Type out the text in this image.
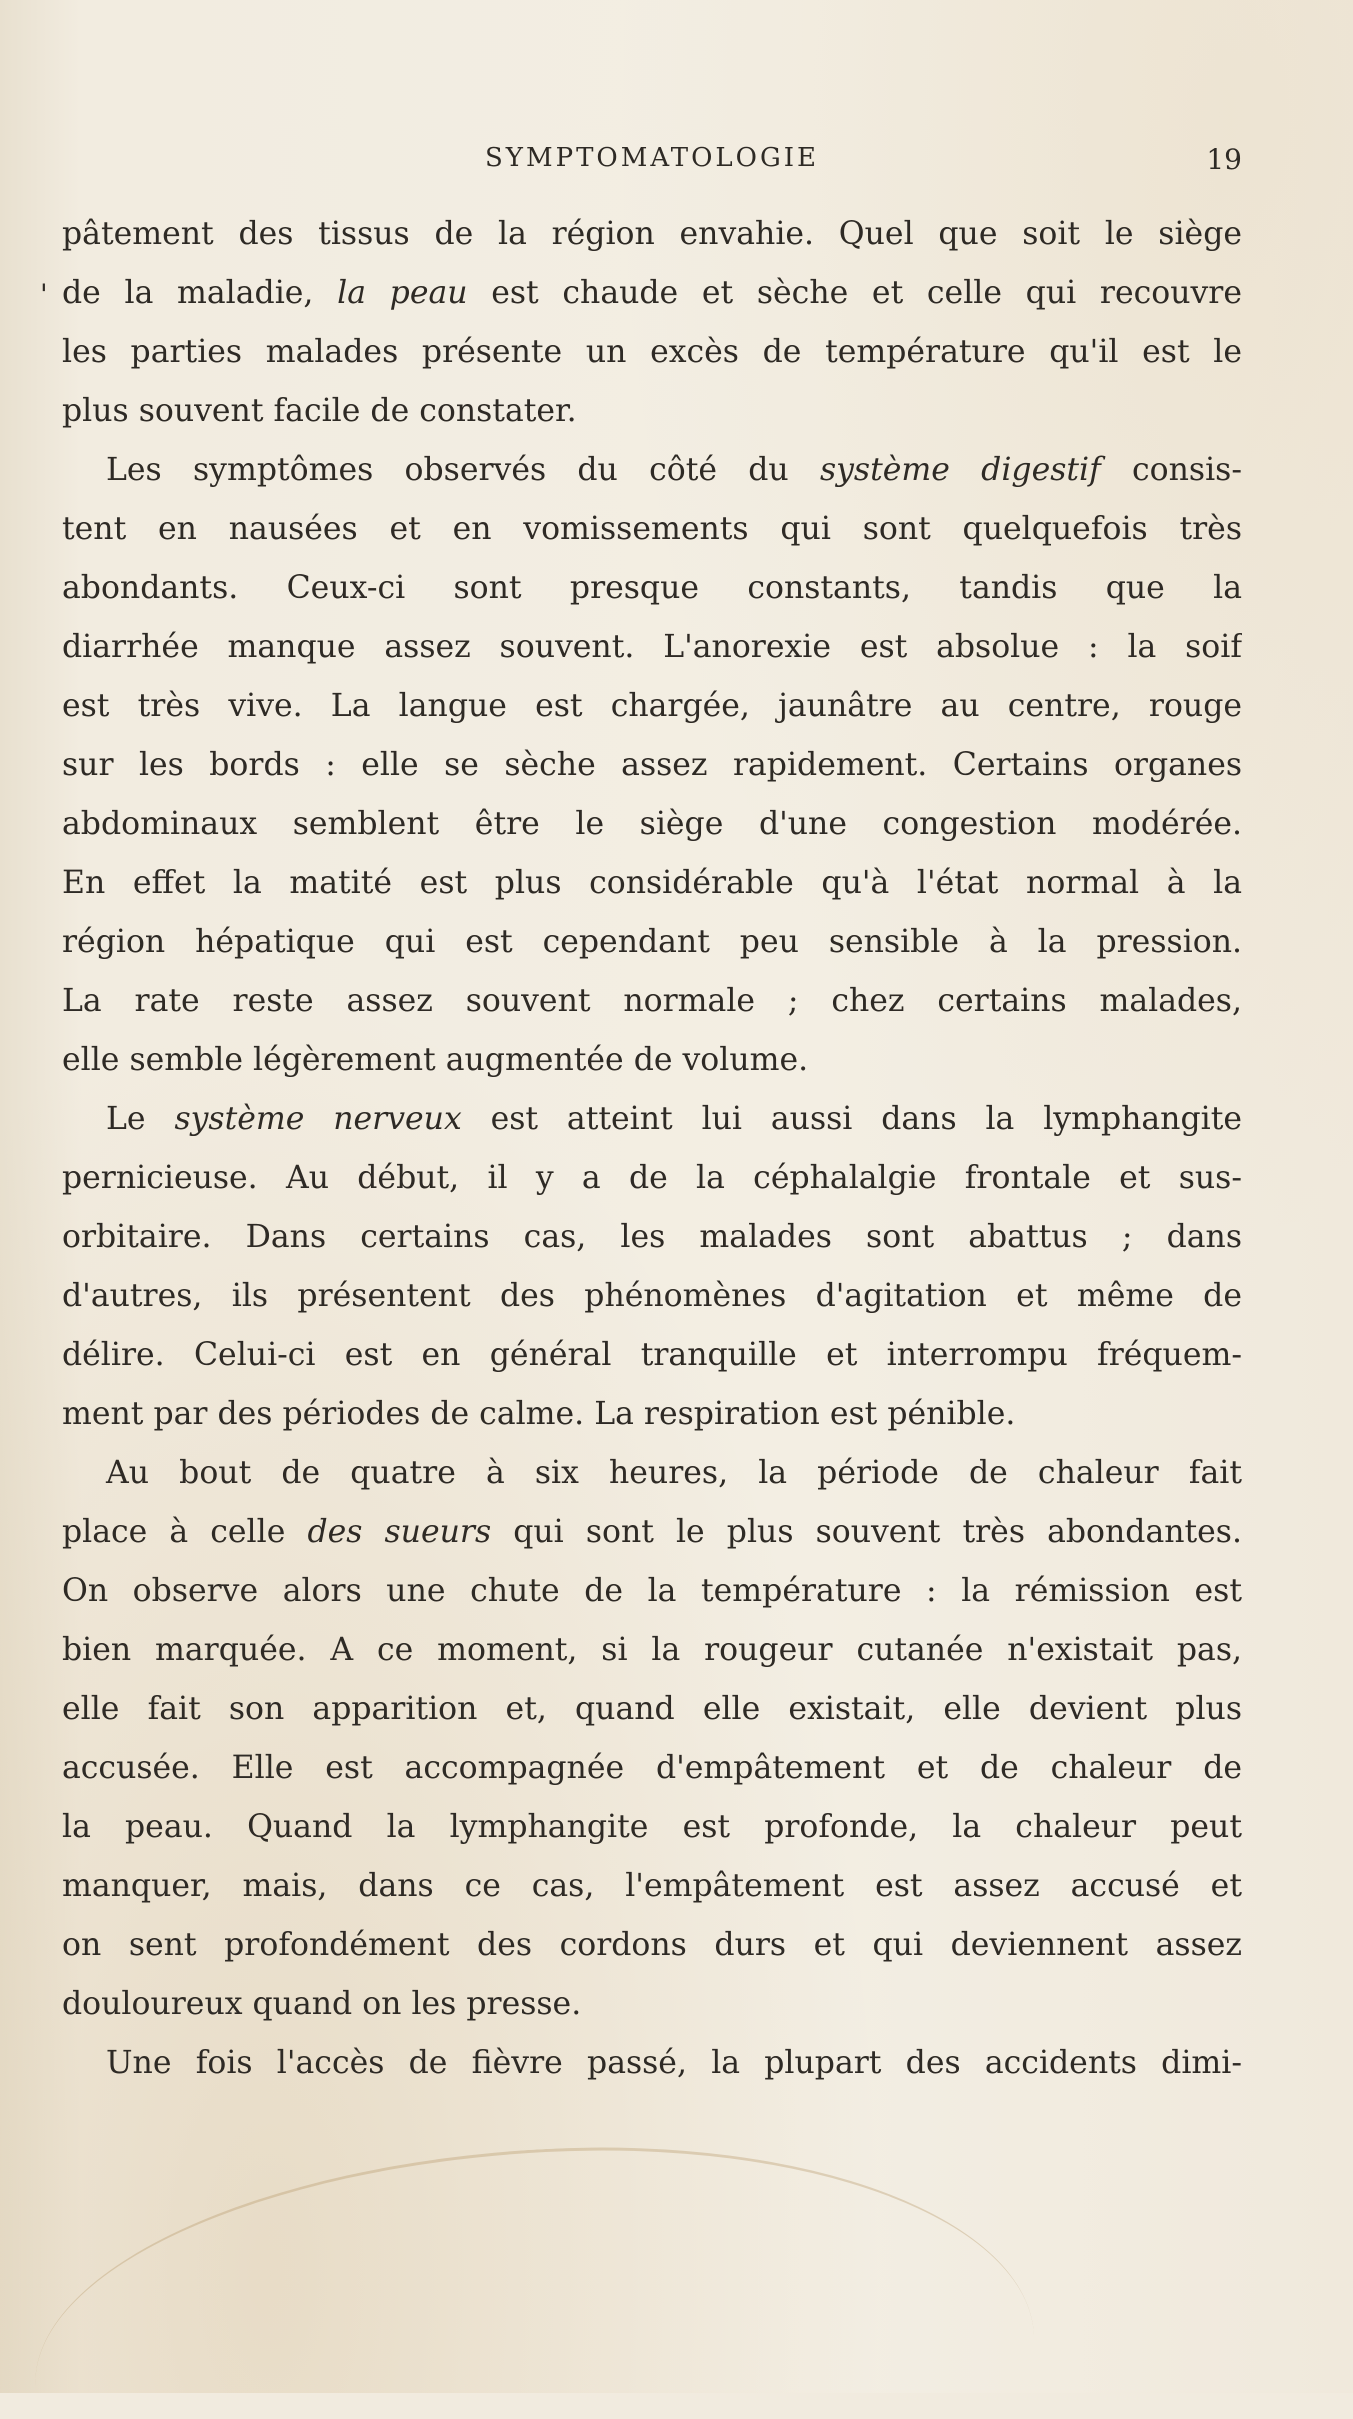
SYMPTOMATOLOGIE	19
'
pâtement des tissus de la région envahie. Quel que soit le siège
de la maladie, la peau est chaude et sèche et celle qui recouvre
les parties malades présente un excès de température qu'il est le
plus souvent facile de constater.
Les symptômes observés du côté du système digestif consis-
tent en nausées et en vomissements qui sont quelquefois très
abondants. Ceux-ci sont presque constants, tandis que la
diarrhée manque assez souvent. L'anorexie est absolue : la soif
est très vive. La langue est chargée, jaunâtre au centre, rouge
sur les bords : elle se sèche assez rapidement. Certains organes
abdominaux semblent être le siège d'une congestion modérée.
En effet la matité est plus considérable qu'à l'état normal à la
région hépatique qui est cependant peu sensible à la pression.
La rate reste assez souvent normale ; chez certains malades,
elle semble légèrement augmentée de volume.
Le système nerveux est atteint lui aussi dans la lymphangite
pernicieuse. Au début, il y a de la céphalalgie frontale et sus-
orbitaire. Dans certains cas, les malades sont abattus ; dans
d'autres, ils présentent des phénomènes d'agitation et même de
délire. Celui-ci est en général tranquille et interrompu fréquem-
ment par des périodes de calme. La respiration est pénible.
Au bout de quatre à six heures, la période de chaleur fait
place à celle des sueurs qui sont le plus souvent très abondantes.
On observe alors une chute de la température : la rémission est
bien marquée. A ce moment, si la rougeur cutanée n'existait pas,
elle fait son apparition et, quand elle existait, elle devient plus
accusée. Elle est accompagnée d'empâtement et de chaleur de
la peau. Quand la lymphangite est profonde, la chaleur peut
manquer, mais, dans ce cas, l'empâtement est assez accusé et
on sent profondément des cordons durs et qui deviennent assez
douloureux quand on les presse.
Une fois l'accès de fièvre passé, la plupart des accidents dimi-
